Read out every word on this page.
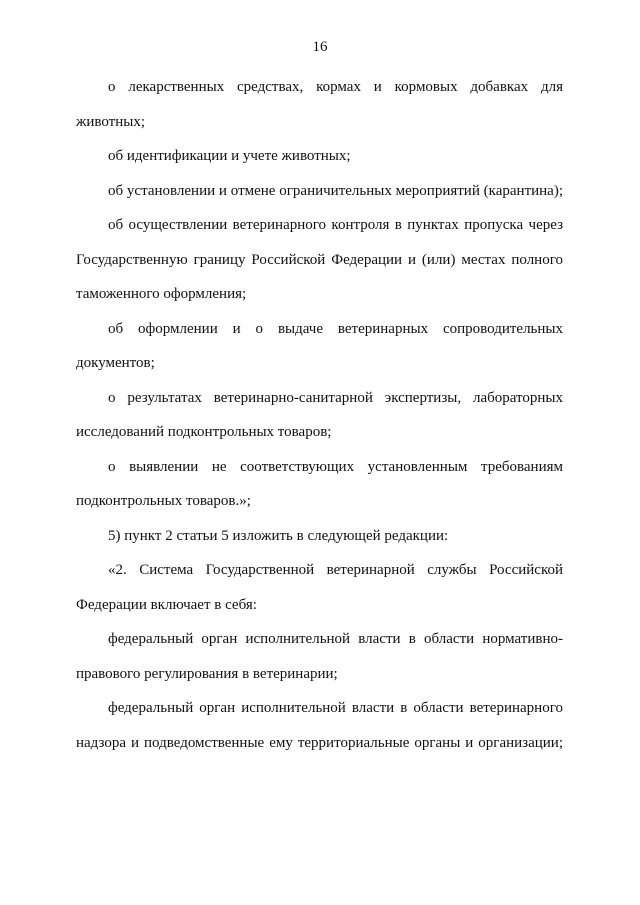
16
о лекарственных средствах, кормах и кормовых добавках для
животных;
об идентификации и учете животных;
об установлении и отмене ограничительных мероприятий (карантина);
об осуществлении ветеринарного контроля в пунктах пропуска через
Государственную границу Российской Федерации и (или) местах полного
таможенного оформления;
об оформлении и о выдаче ветеринарных сопроводительных
документов;
о результатах ветеринарно-санитарной экспертизы, лабораторных
исследований подконтрольных товаров;
о выявлении не соответствующих установленным требованиям
подконтрольных товаров.»;
5) пункт 2 статьи 5 изложить в следующей редакции:
«2. Система Государственной ветеринарной службы Российской
Федерации включает в себя:
федеральный орган исполнительной власти в области нормативно-
правового регулирования в ветеринарии;
федеральный орган исполнительной власти в области ветеринарного
надзора и подведомственные ему территориальные органы и организации;
